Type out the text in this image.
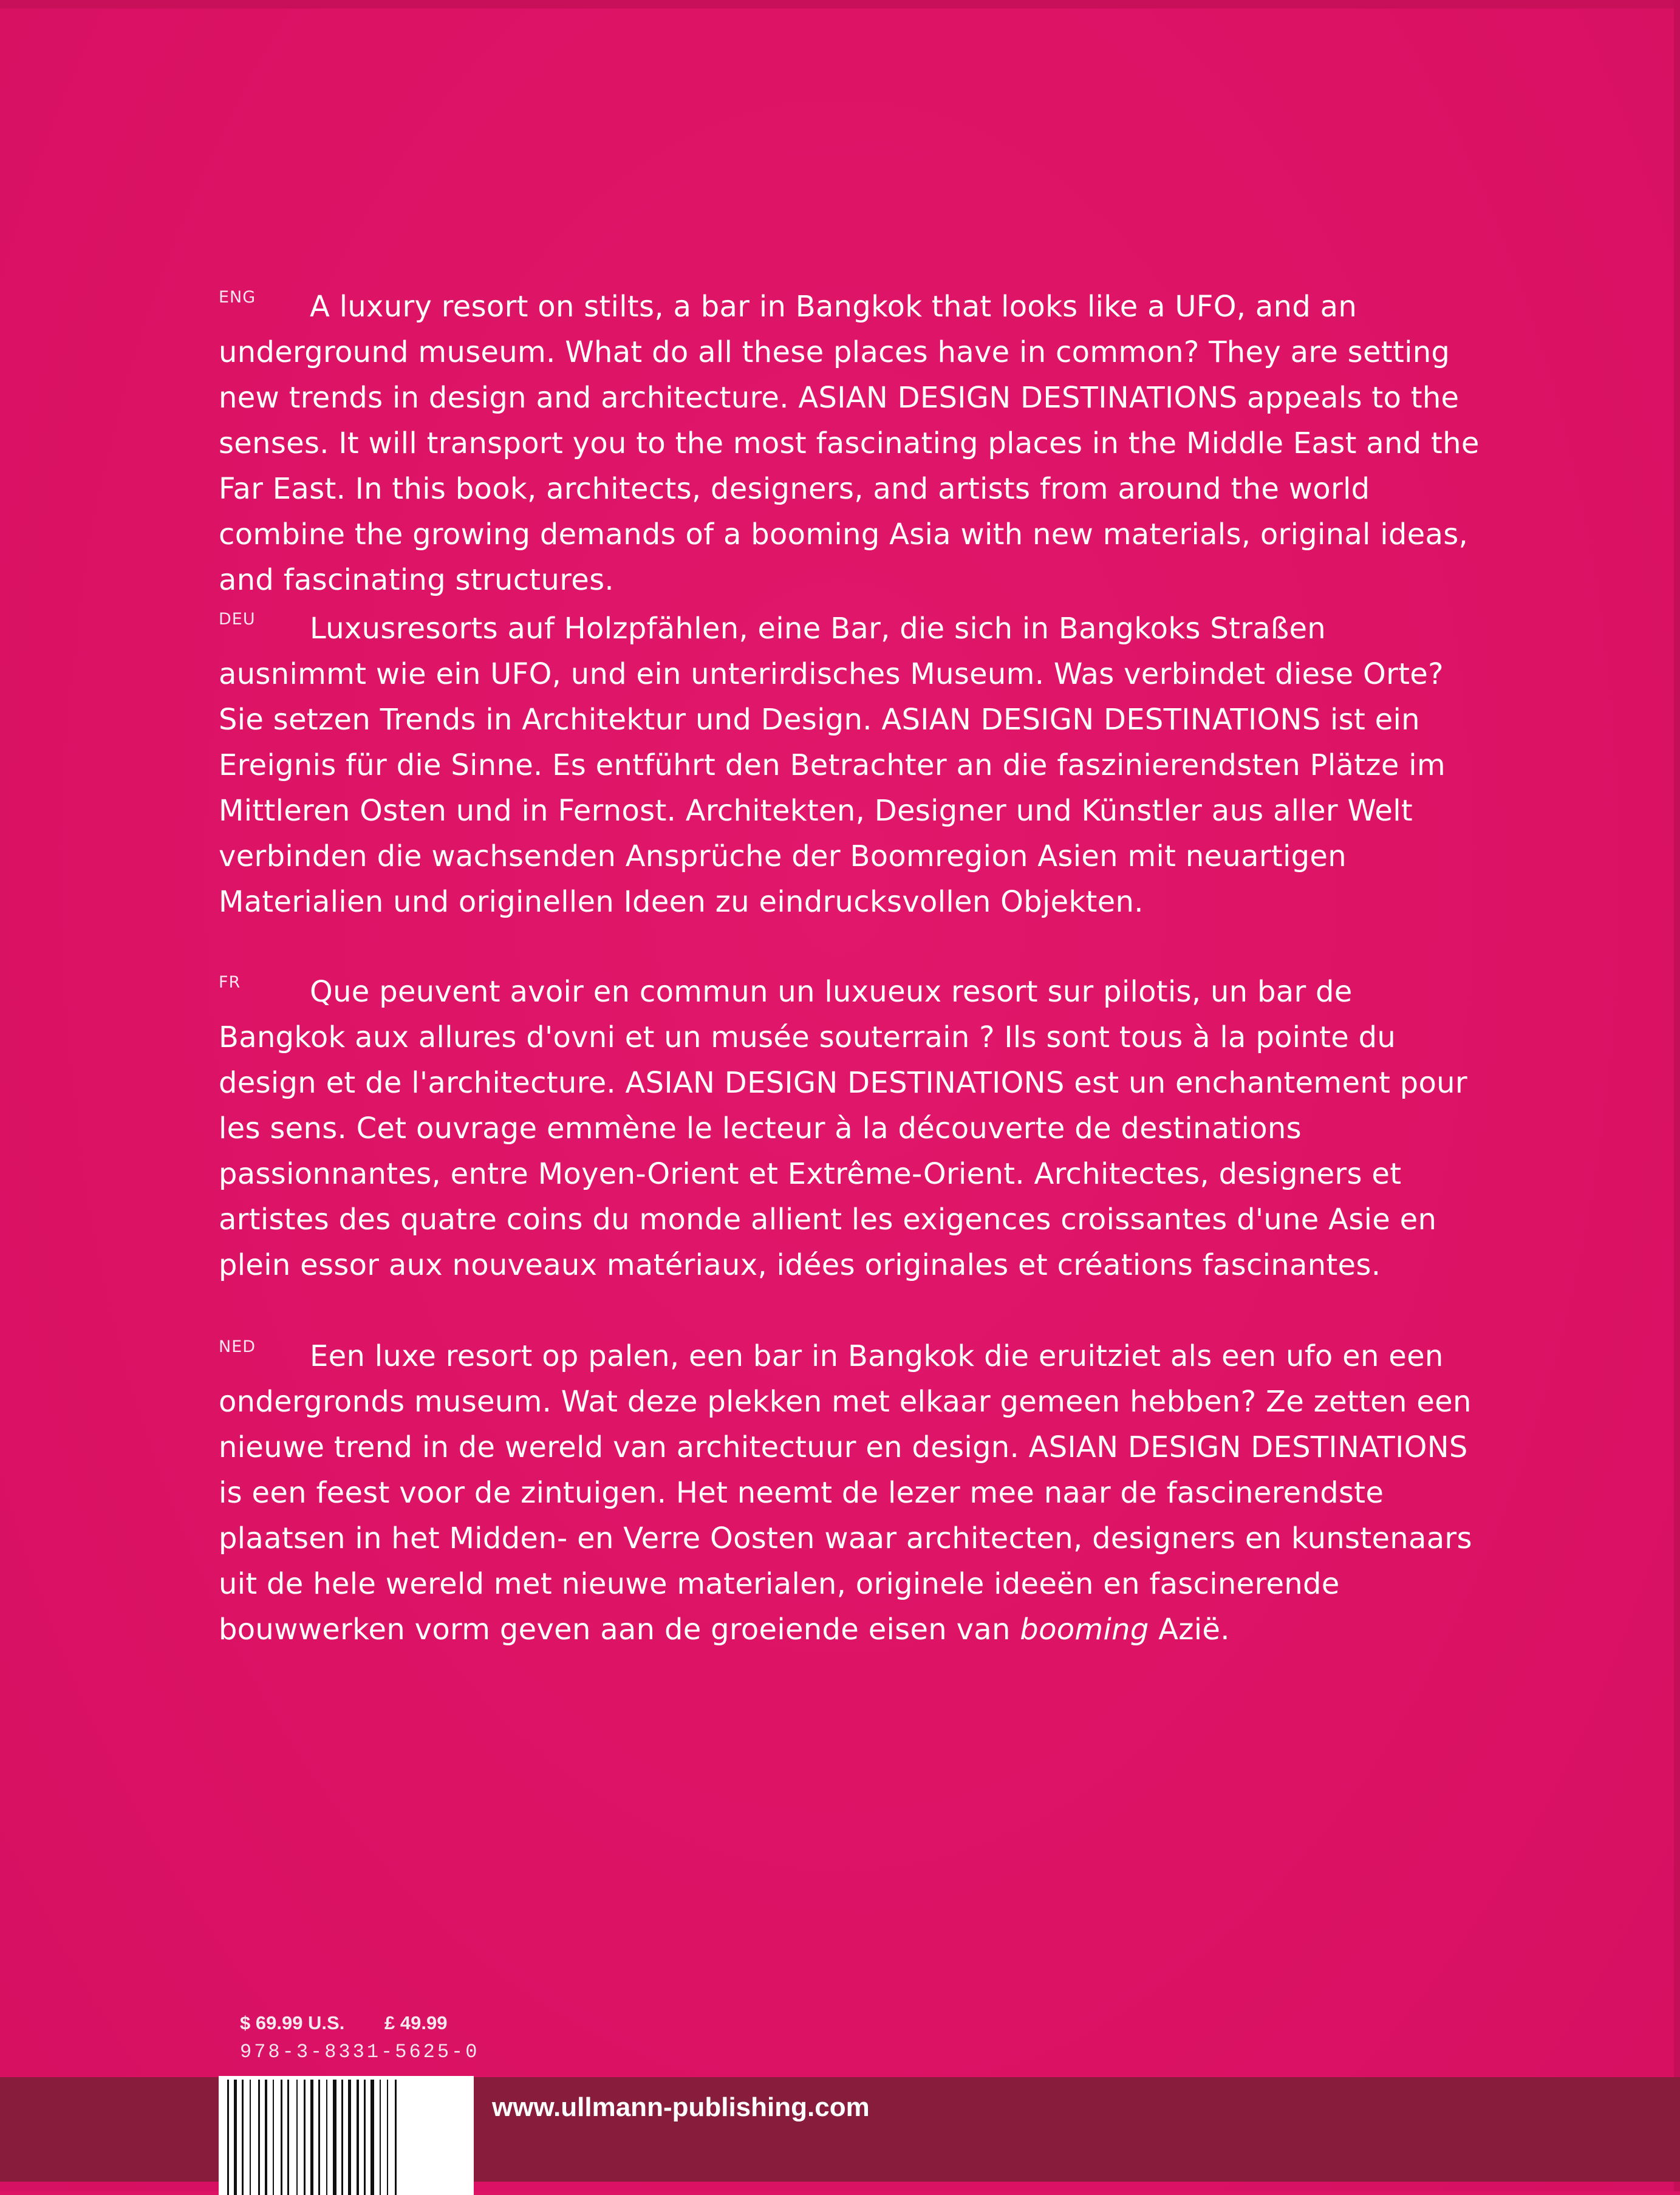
ENG	A luxury resort on stilts, a bar in Bangkok that looks like a UFO, and an underground museum. What do all these places have in common? They are setting new trends in design and architecture. ASIAN DESIGN DESTINATIONS appeals to the senses. It will transport you to the most fascinating places in the Middle East and the Far East. In this book, architects, designers, and artists from around the world combine the growing demands of a booming Asia with new materials, original ideas, and fascinating structures.

DEU	Luxusresorts auf Holzpfählen, eine Bar, die sich in Bangkoks Straßen ausnimmt wie ein UFO, und ein unterirdisches Museum. Was verbindet diese Orte? Sie setzen Trends in Architektur und Design. ASIAN DESIGN DESTINATIONS ist ein Ereignis für die Sinne. Es entführt den Betrachter an die faszinierendsten Plätze im Mittleren Osten und in Fernost. Architekten, Designer und Künstler aus aller Welt verbinden die wachsenden Ansprüche der Boomregion Asien mit neuartigen Materialien und originellen Ideen zu eindrucksvollen Objekten.

FR	Que peuvent avoir en commun un luxueux resort sur pilotis, un bar de Bangkok aux allures d'ovni et un musée souterrain ? Ils sont tous à la pointe du design et de l'architecture. ASIAN DESIGN DESTINATIONS est un enchantement pour les sens. Cet ouvrage emmène le lecteur à la découverte de destinations passionnantes, entre Moyen-Orient et Extrême-Orient. Architectes, designers et artistes des quatre coins du monde allient les exigences croissantes d'une Asie en plein essor aux nouveaux matériaux, idées originales et créations fascinantes.

NED	Een luxe resort op palen, een bar in Bangkok die eruitziet als een ufo en een ondergronds museum. Wat deze plekken met elkaar gemeen hebben? Ze zetten een nieuwe trend in de wereld van architectuur en design. ASIAN DESIGN DESTINATIONS is een feest voor de zintuigen. Het neemt de lezer mee naar de fascinerendste plaatsen in het Midden- en Verre Oosten waar architecten, designers en kunstenaars uit de hele wereld met nieuwe materialen, originele ideeën en fascinerende bouwwerken vorm geven aan de groeiende eisen van booming Azië.

$ 69.99 U.S. £ 49.99
978-3-8331-5625-0
www.ullmann-publishing.com
